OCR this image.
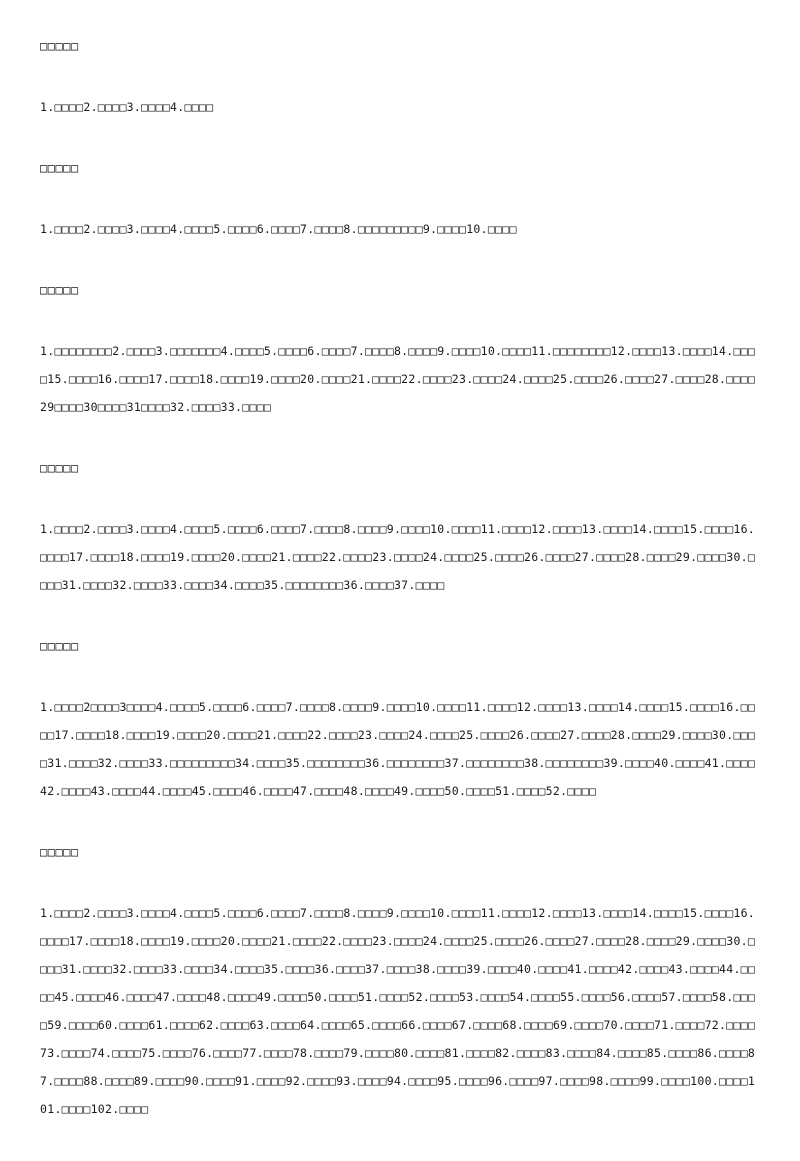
□□□□□
1.□□□□2.□□□□3.□□□□4.□□□□
□□□□□
1.□□□□2.□□□□3.□□□□4.□□□□5.□□□□6.□□□□7.□□□□8.□□□□□□□□□9.□□□□10.□□□□
□□□□□
1.□□□□□□□□2.□□□□3.□□□□□□□4.□□□□5.□□□□6.□□□□7.□□□□8.□□□□9.□□□□10.□□□□11.□□□□□□□□12.□□□□13.□□□□14.□□□□15.□□□□16.□□□□17.□□□□18.□□□□19.□□□□20.□□□□21.□□□□22.□□□□23.□□□□24.□□□□25.□□□□26.□□□□27.□□□□28.□□□□29□□□□30□□□□31□□□□32.□□□□33.□□□□
□□□□□
1.□□□□2.□□□□3.□□□□4.□□□□5.□□□□6.□□□□7.□□□□8.□□□□9.□□□□10.□□□□11.□□□□12.□□□□13.□□□□14.□□□□15.□□□□16.□□□□17.□□□□18.□□□□19.□□□□20.□□□□21.□□□□22.□□□□23.□□□□24.□□□□25.□□□□26.□□□□27.□□□□28.□□□□29.□□□□30.□□□□31.□□□□32.□□□□33.□□□□34.□□□□35.□□□□□□□□36.□□□□37.□□□□
□□□□□
1.□□□□2□□□□3□□□□4.□□□□5.□□□□6.□□□□7.□□□□8.□□□□9.□□□□10.□□□□11.□□□□12.□□□□13.□□□□14.□□□□15.□□□□16.□□□□17.□□□□18.□□□□19.□□□□20.□□□□21.□□□□22.□□□□23.□□□□24.□□□□25.□□□□26.□□□□27.□□□□28.□□□□29.□□□□30.□□□□31.□□□□32.□□□□33.□□□□□□□□□34.□□□□35.□□□□□□□□36.□□□□□□□□37.□□□□□□□□38.□□□□□□□□39.□□□□40.□□□□41.□□□□42.□□□□43.□□□□44.□□□□45.□□□□46.□□□□47.□□□□48.□□□□49.□□□□50.□□□□51.□□□□52.□□□□
□□□□□
1.□□□□2.□□□□3.□□□□4.□□□□5.□□□□6.□□□□7.□□□□8.□□□□9.□□□□10.□□□□11.□□□□12.□□□□13.□□□□14.□□□□15.□□□□16.□□□□17.□□□□18.□□□□19.□□□□20.□□□□21.□□□□22.□□□□23.□□□□24.□□□□25.□□□□26.□□□□27.□□□□28.□□□□29.□□□□30.□□□□31.□□□□32.□□□□33.□□□□34.□□□□35.□□□□36.□□□□37.□□□□38.□□□□39.□□□□40.□□□□41.□□□□42.□□□□43.□□□□44.□□□□45.□□□□46.□□□□47.□□□□48.□□□□49.□□□□50.□□□□51.□□□□52.□□□□53.□□□□54.□□□□55.□□□□56.□□□□57.□□□□58.□□□□59.□□□□60.□□□□61.□□□□62.□□□□63.□□□□64.□□□□65.□□□□66.□□□□67.□□□□68.□□□□69.□□□□70.□□□□71.□□□□72.□□□□73.□□□□74.□□□□75.□□□□76.□□□□77.□□□□78.□□□□79.□□□□80.□□□□81.□□□□82.□□□□83.□□□□84.□□□□85.□□□□86.□□□□87.□□□□88.□□□□89.□□□□90.□□□□91.□□□□92.□□□□93.□□□□94.□□□□95.□□□□96.□□□□97.□□□□98.□□□□99.□□□□100.□□□□101.□□□□102.□□□□
